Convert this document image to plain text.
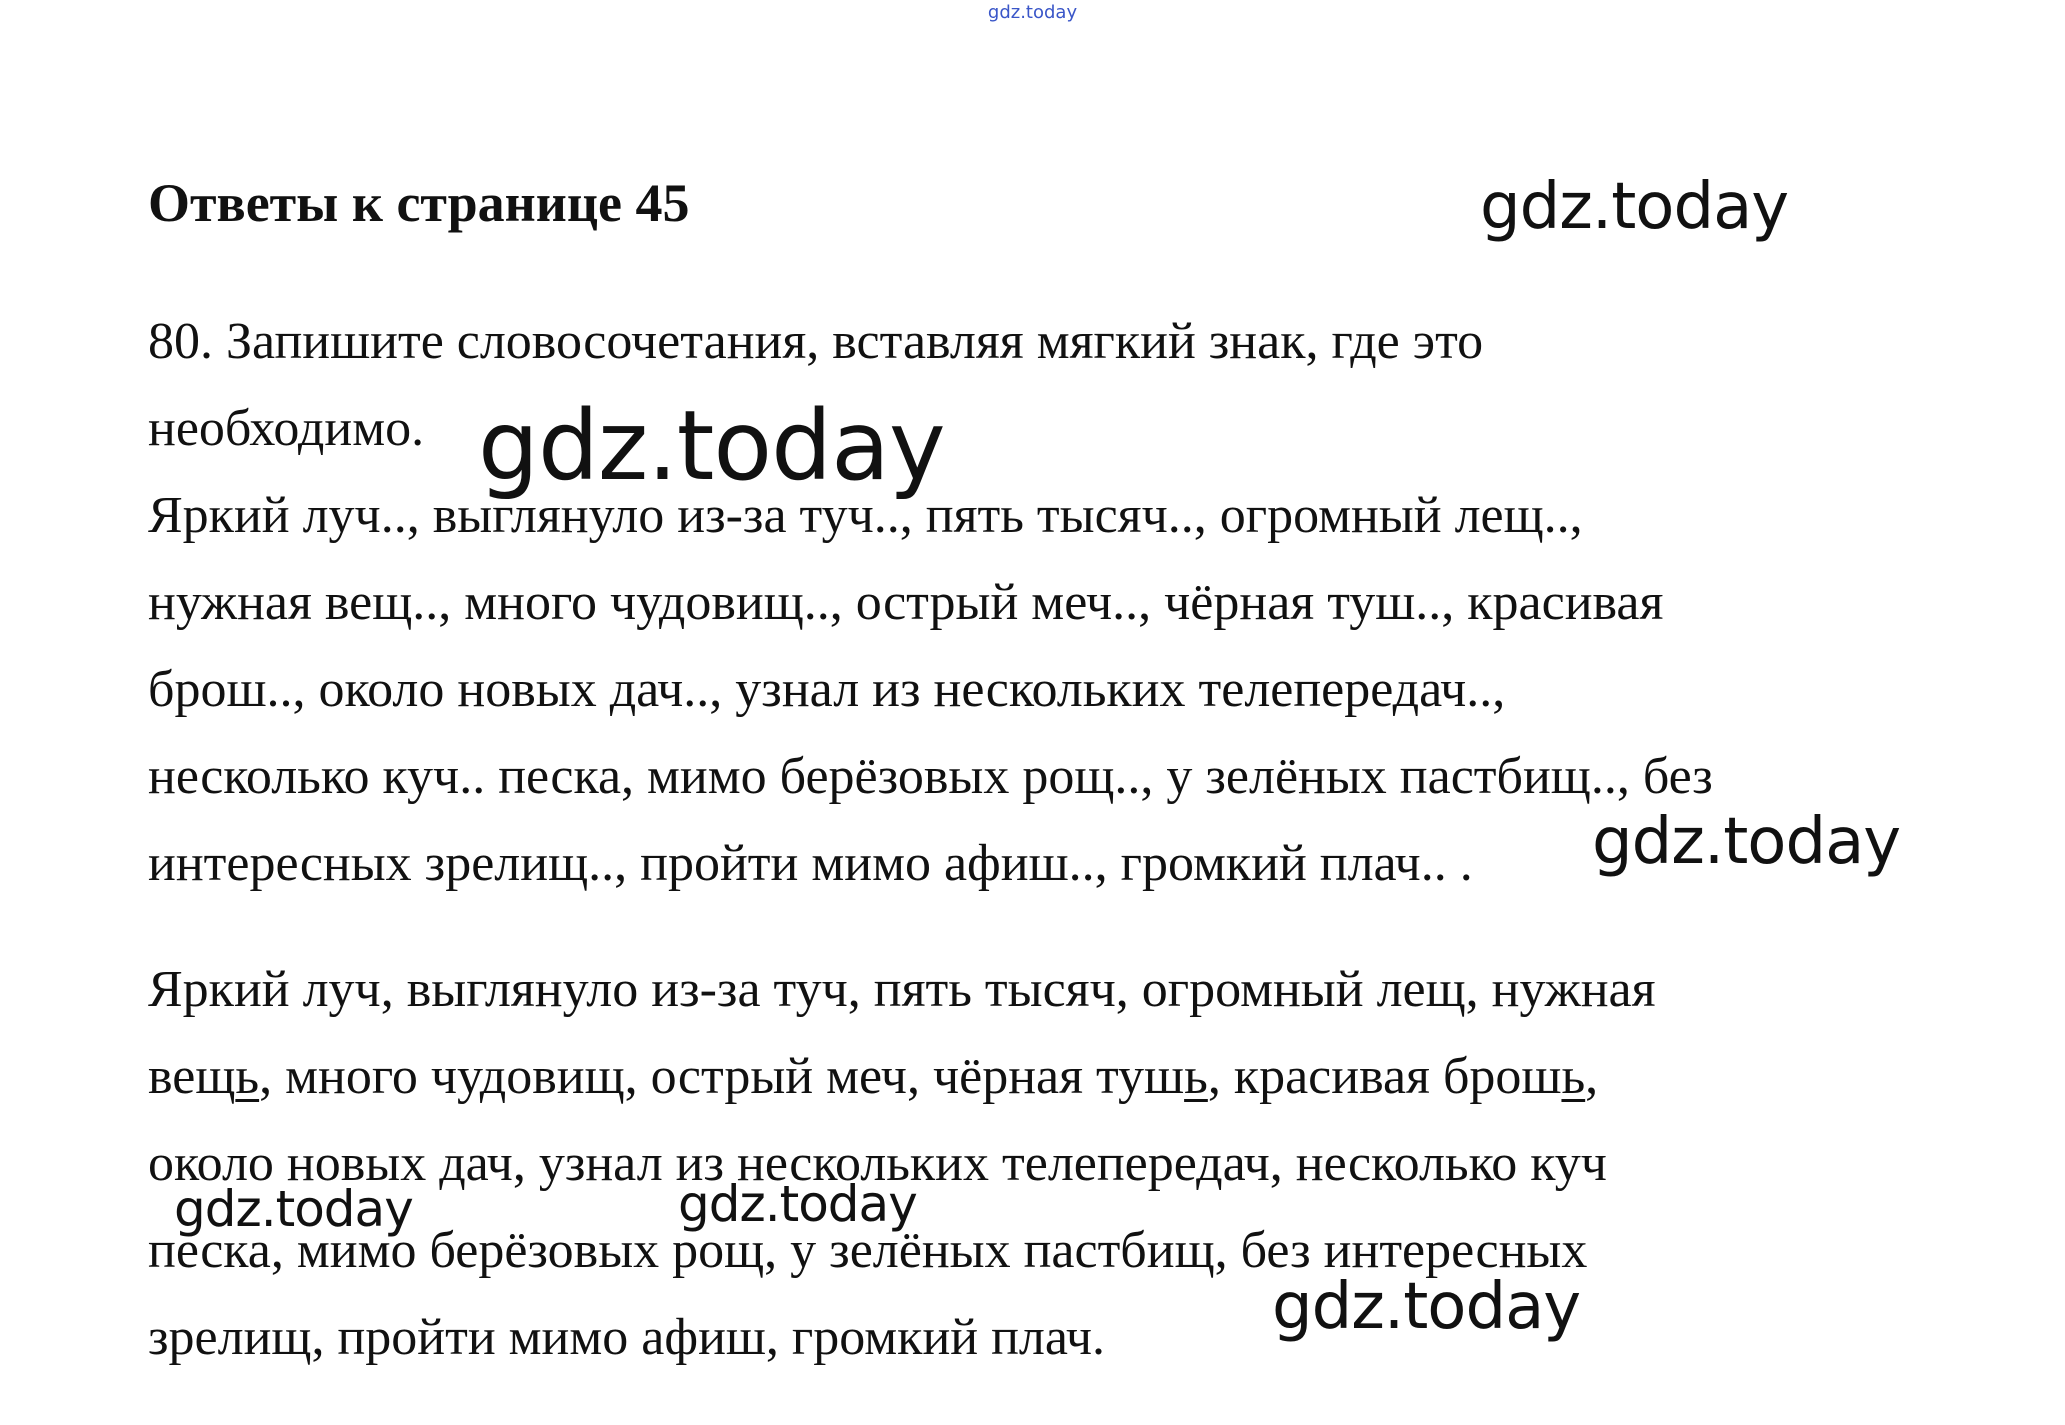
gdz.today
Ответы к странице 45
80. Запишите словосочетания, вставляя мягкий знак, где это
необходимо.
Яркий луч.., выглянуло из-за туч.., пять тысяч.., огромный лещ..,
нужная вещ.., много чудовищ.., острый меч.., чёрная туш.., красивая
брош.., около новых дач.., узнал из нескольких телепередач..,
несколько куч.. песка, мимо берёзовых рощ.., у зелёных пастбищ.., без
интересных зрелищ.., пройти мимо афиш.., громкий плач.. .
Яркий луч, выглянуло из-за туч, пять тысяч, огромный лещ, нужная
вещь, много чудовищ, острый меч, чёрная тушь, красивая брошь,
около новых дач, узнал из нескольких телепередач, несколько куч
песка, мимо берёзовых рощ, у зелёных пастбищ, без интересных
зрелищ, пройти мимо афиш, громкий плач.
gdz.today
gdz.today
gdz.today
gdz.today	gdz.today
gdz.today
